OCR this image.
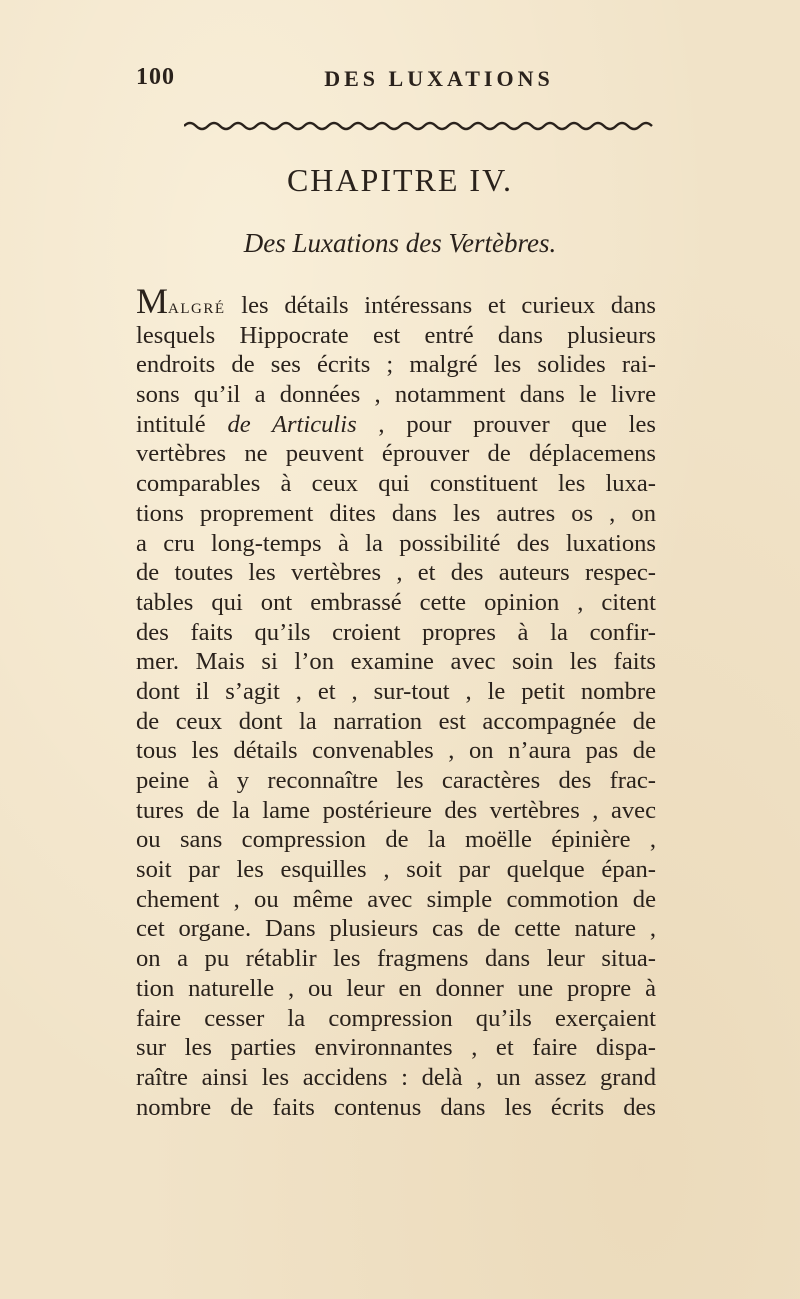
100	DES LUXATIONS
CHAPITRE IV.
Des Luxations des Vertèbres.
MALGRÉ les détails intéressans et curieux dans
lesquels Hippocrate est entré dans plusieurs
endroits de ses écrits ; malgré les solides rai-
sons qu’il a données , notamment dans le livre
intitulé de Articulis , pour prouver que les
vertèbres ne peuvent éprouver de déplacemens
comparables à ceux qui constituent les luxa-
tions proprement dites dans les autres os , on
a cru long-temps à la possibilité des luxations
de toutes les vertèbres , et des auteurs respec-
tables qui ont embrassé cette opinion , citent
des faits qu’ils croient propres à la confir-
mer. Mais si l’on examine avec soin les faits
dont il s’agit , et , sur-tout , le petit nombre
de ceux dont la narration est accompagnée de
tous les détails convenables , on n’aura pas de
peine à y reconnaître les caractères des frac-
tures de la lame postérieure des vertèbres , avec
ou sans compression de la moëlle épinière ,
soit par les esquilles , soit par quelque épan-
chement , ou même avec simple commotion de
cet organe. Dans plusieurs cas de cette nature ,
on a pu rétablir les fragmens dans leur situa-
tion naturelle , ou leur en donner une propre à
faire cesser la compression qu’ils exerçaient
sur les parties environnantes , et faire dispa-
raître ainsi les accidens : delà , un assez grand
nombre de faits contenus dans les écrits des
